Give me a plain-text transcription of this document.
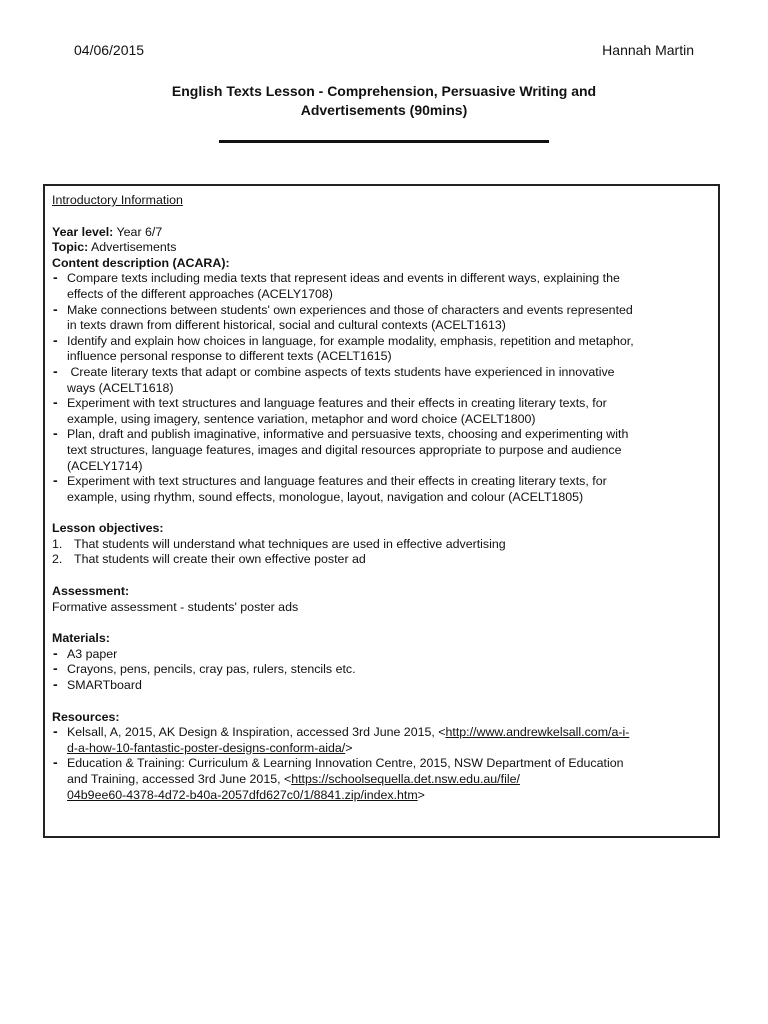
04/06/2015	Hannah Martin
English Texts Lesson - Comprehension, Persuasive Writing and
Advertisements (90mins)
Introductory Information
Year level: Year 6/7
Topic: Advertisements
Content description (ACARA):
- Compare texts including media texts that represent ideas and events in different ways, explaining the
effects of the different approaches (ACELY1708)
- Make connections between students' own experiences and those of characters and events represented
in texts drawn from different historical, social and cultural contexts (ACELT1613)
- Identify and explain how choices in language, for example modality, emphasis, repetition and metaphor,
influence personal response to different texts (ACELT1615)
-  Create literary texts that adapt or combine aspects of texts students have experienced in innovative
ways (ACELT1618)
- Experiment with text structures and language features and their effects in creating literary texts, for
example, using imagery, sentence variation, metaphor and word choice (ACELT1800)
- Plan, draft and publish imaginative, informative and persuasive texts, choosing and experimenting with
text structures, language features, images and digital resources appropriate to purpose and audience
(ACELY1714)
- Experiment with text structures and language features and their effects in creating literary texts, for
example, using rhythm, sound effects, monologue, layout, navigation and colour (ACELT1805)
Lesson objectives:
1. That students will understand what techniques are used in effective advertising
2. That students will create their own effective poster ad
Assessment:
Formative assessment - students' poster ads
Materials:
- A3 paper
- Crayons, pens, pencils, cray pas, rulers, stencils etc.
- SMARTboard
Resources:
- Kelsall, A, 2015, AK Design & Inspiration, accessed 3rd June 2015, <http://www.andrewkelsall.com/a-i-
d-a-how-10-fantastic-poster-designs-conform-aida/>
- Education & Training: Curriculum & Learning Innovation Centre, 2015, NSW Department of Education
and Training, accessed 3rd June 2015, <https://schoolsequella.det.nsw.edu.au/file/
04b9ee60-4378-4d72-b40a-2057dfd627c0/1/8841.zip/index.htm>
